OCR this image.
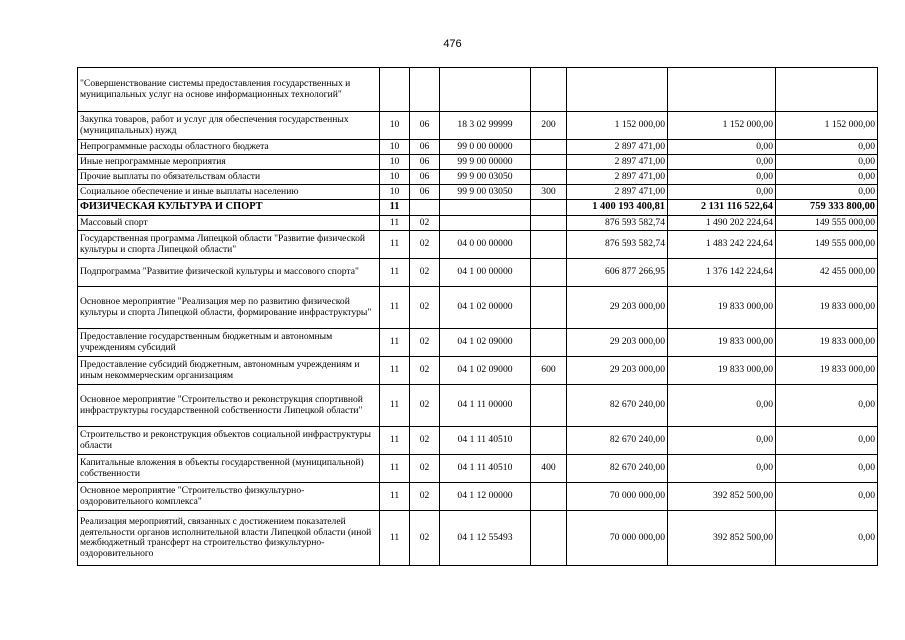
476
"Совершенствование системы предоставления государственных и муниципальных услуг на основе информационных технологий"							
Закупка товаров, работ и услуг для обеспечения государственных (муниципальных) нужд	10	06	18 3 02 99999	200	1 152 000,00	1 152 000,00	1 152 000,00
Непрограммные расходы областного бюджета	10	06	99 0 00 00000		2 897 471,00	0,00	0,00
Иные непрограммные мероприятия	10	06	99 9 00 00000		2 897 471,00	0,00	0,00
Прочие выплаты по обязательствам области	10	06	99 9 00 03050		2 897 471,00	0,00	0,00
Социальное обеспечение и иные выплаты населению	10	06	99 9 00 03050	300	2 897 471,00	0,00	0,00
ФИЗИЧЕСКАЯ КУЛЬТУРА И СПОРТ	11				1 400 193 400,81	2 131 116 522,64	759 333 800,00
Массовый спорт	11	02			876 593 582,74	1 490 202 224,64	149 555 000,00
Государственная программа Липецкой области "Развитие физической культуры и спорта Липецкой области"	11	02	04 0 00 00000		876 593 582,74	1 483 242 224,64	149 555 000,00
Подпрограмма "Развитие физической культуры и массового спорта"	11	02	04 1 00 00000		606 877 266,95	1 376 142 224,64	42 455 000,00
Основное мероприятие "Реализация мер по развитию физической культуры и спорта Липецкой области, формирование инфраструктуры"	11	02	04 1 02 00000		29 203 000,00	19 833 000,00	19 833 000,00
Предоставление государственным бюджетным и автономным учреждениям субсидий	11	02	04 1 02 09000		29 203 000,00	19 833 000,00	19 833 000,00
Предоставление субсидий бюджетным, автономным учреждениям и иным некоммерческим организациям	11	02	04 1 02 09000	600	29 203 000,00	19 833 000,00	19 833 000,00
Основное мероприятие "Строительство и реконструкция спортивной инфраструктуры государственной собственности Липецкой области"	11	02	04 1 11 00000		82 670 240,00	0,00	0,00
Строительство и реконструкция объектов социальной инфраструктуры области	11	02	04 1 11 40510		82 670 240,00	0,00	0,00
Капитальные вложения в объекты государственной (муниципальной) собственности	11	02	04 1 11 40510	400	82 670 240,00	0,00	0,00
Основное мероприятие "Строительство физкультурно-оздоровительного комплекса"	11	02	04 1 12 00000		70 000 000,00	392 852 500,00	0,00
Реализация мероприятий, связанных с достижением показателей деятельности органов исполнительной власти Липецкой области (иной межбюджетный трансферт на строительство физкультурно-оздоровительного	11	02	04 1 12 55493		70 000 000,00	392 852 500,00	0,00
